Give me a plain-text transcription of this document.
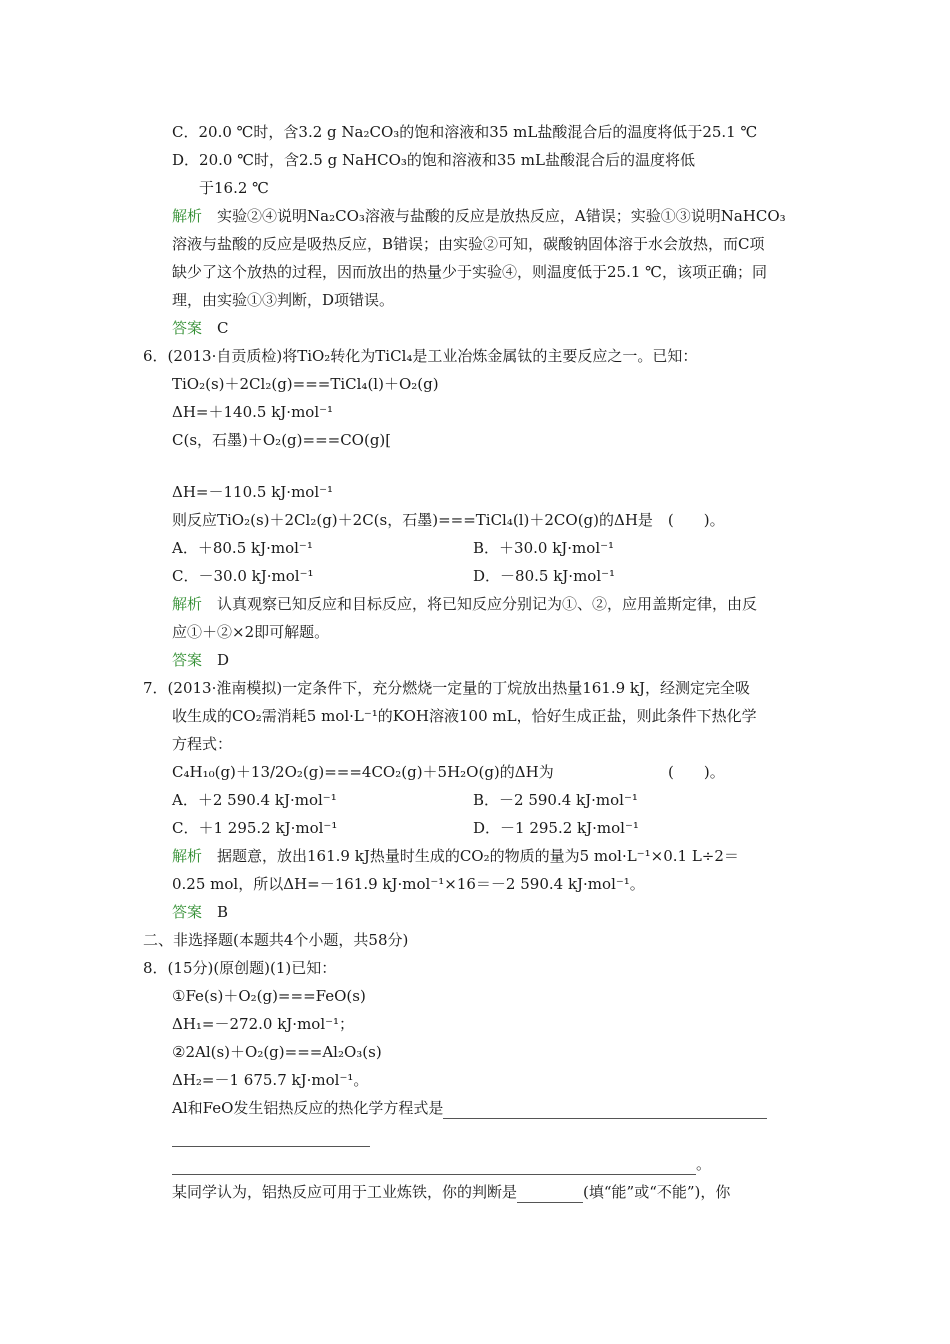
C．20.0 ℃时，含3.2 g Na₂CO₃的饱和溶液和35 mL盐酸混合后的温度将低于25.1 ℃
D．20.0 ℃时，含2.5 g NaHCO₃的饱和溶液和35 mL盐酸混合后的温度将低
于16.2 ℃
解析　实验②④说明Na₂CO₃溶液与盐酸的反应是放热反应，A错误；实验①③说明NaHCO₃
溶液与盐酸的反应是吸热反应，B错误；由实验②可知，碳酸钠固体溶于水会放热，而C项
缺少了这个放热的过程，因而放出的热量少于实验④，则温度低于25.1 ℃，该项正确；同
理，由实验①③判断，D项错误。
答案　C
6．(2013·自贡质检)将TiO₂转化为TiCl₄是工业冶炼金属钛的主要反应之一。已知：
TiO₂(s)＋2Cl₂(g)===TiCl₄(l)＋O₂(g)
ΔH=＋140.5 kJ·mol⁻¹
C(s，石墨)＋O₂(g)===CO(g)[
ΔH=－110.5 kJ·mol⁻¹
则反应TiO₂(s)＋2Cl₂(g)＋2C(s，石墨)===TiCl₄(l)＋2CO(g)的ΔH是　(　　)。
A．＋80.5 kJ·mol⁻¹	B．＋30.0 kJ·mol⁻¹
C．－30.0 kJ·mol⁻¹	D．－80.5 kJ·mol⁻¹
解析　认真观察已知反应和目标反应，将已知反应分别记为①、②，应用盖斯定律，由反
应①＋②×2即可解题。
答案　D
7．(2013·淮南模拟)一定条件下，充分燃烧一定量的丁烷放出热量161.9 kJ，经测定完全吸
收生成的CO₂需消耗5 mol·L⁻¹的KOH溶液100 mL，恰好生成正盐，则此条件下热化学
方程式：
C₄H₁₀(g)＋13/2O₂(g)===4CO₂(g)＋5H₂O(g)的ΔH为	(　　)。
A．＋2 590.4 kJ·mol⁻¹	B．－2 590.4 kJ·mol⁻¹
C．＋1 295.2 kJ·mol⁻¹	D．－1 295.2 kJ·mol⁻¹
解析　据题意，放出161.9 kJ热量时生成的CO₂的物质的量为5 mol·L⁻¹×0.1 L÷2＝
0.25 mol，所以ΔH=－161.9 kJ·mol⁻¹×16＝－2 590.4 kJ·mol⁻¹。
答案　B
二、非选择题(本题共4个小题，共58分)
8．(15分)(原创题)(1)已知：
①Fe(s)＋O₂(g)===FeO(s)
ΔH₁=－272.0 kJ·mol⁻¹；
②2Al(s)＋O₂(g)===Al₂O₃(s)
ΔH₂=－1 675.7 kJ·mol⁻¹。
Al和FeO发生铝热反应的热化学方程式是
。
某同学认为，铝热反应可用于工业炼铁，你的判断是	(填“能”或“不能”)，你
